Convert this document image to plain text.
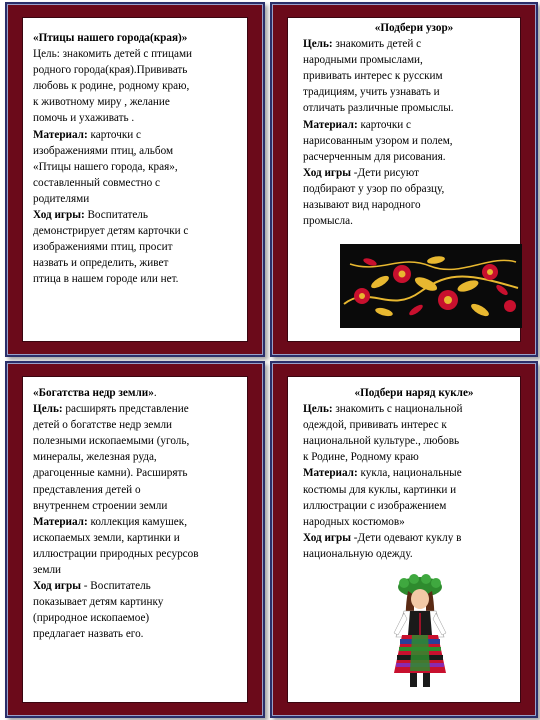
«Птицы нашего города(края)»
Цель: знакомить детей с птицами
родного города(края).Прививать
любовь к родине, родному краю,
к животному миру , желание
помочь и ухаживать .
Материал: карточки с
изображениями птиц, альбом
«Птицы нашего города, края»,
составленный совместно с
родителями
Ход игры: Воспитатель
демонстрирует детям карточки с
изображениями птиц, просит
назвать и определить, живет
птица в нашем городе или нет.
«Подбери узор»
Цель: знакомить детей с
народными промыслами,
прививать интерес к русским
традициям, учить узнавать и
отличать различные промыслы.
Материал: карточки с
нарисованным узором и полем,
расчерченным для рисования.
Ход игры -Дети рисуют
подбирают у узор по образцу,
называют вид народного
промысла.
«Богатства недр земли».
Цель: расширять представление
детей о богатстве недр земли
полезными ископаемыми (уголь,
минералы, железная руда,
драгоценные камни). Расширять
представления детей о
внутреннем строении земли
Материал: коллекция камушек,
ископаемых земли, картинки и
иллюстрации природных ресурсов
земли
Ход игры - Воспитатель
показывает детям картинку
(природное ископаемое)
предлагает назвать его.
«Подбери наряд кукле»
Цель: знакомить с национальной
одеждой, прививать интерес к
национальной культуре., любовь
к Родине, Родному краю
Материал: кукла, национальные
костюмы для куклы, картинки и
иллюстрации с изображением
народных костюмов»
Ход игры -Дети одевают куклу в
национальную одежду.
